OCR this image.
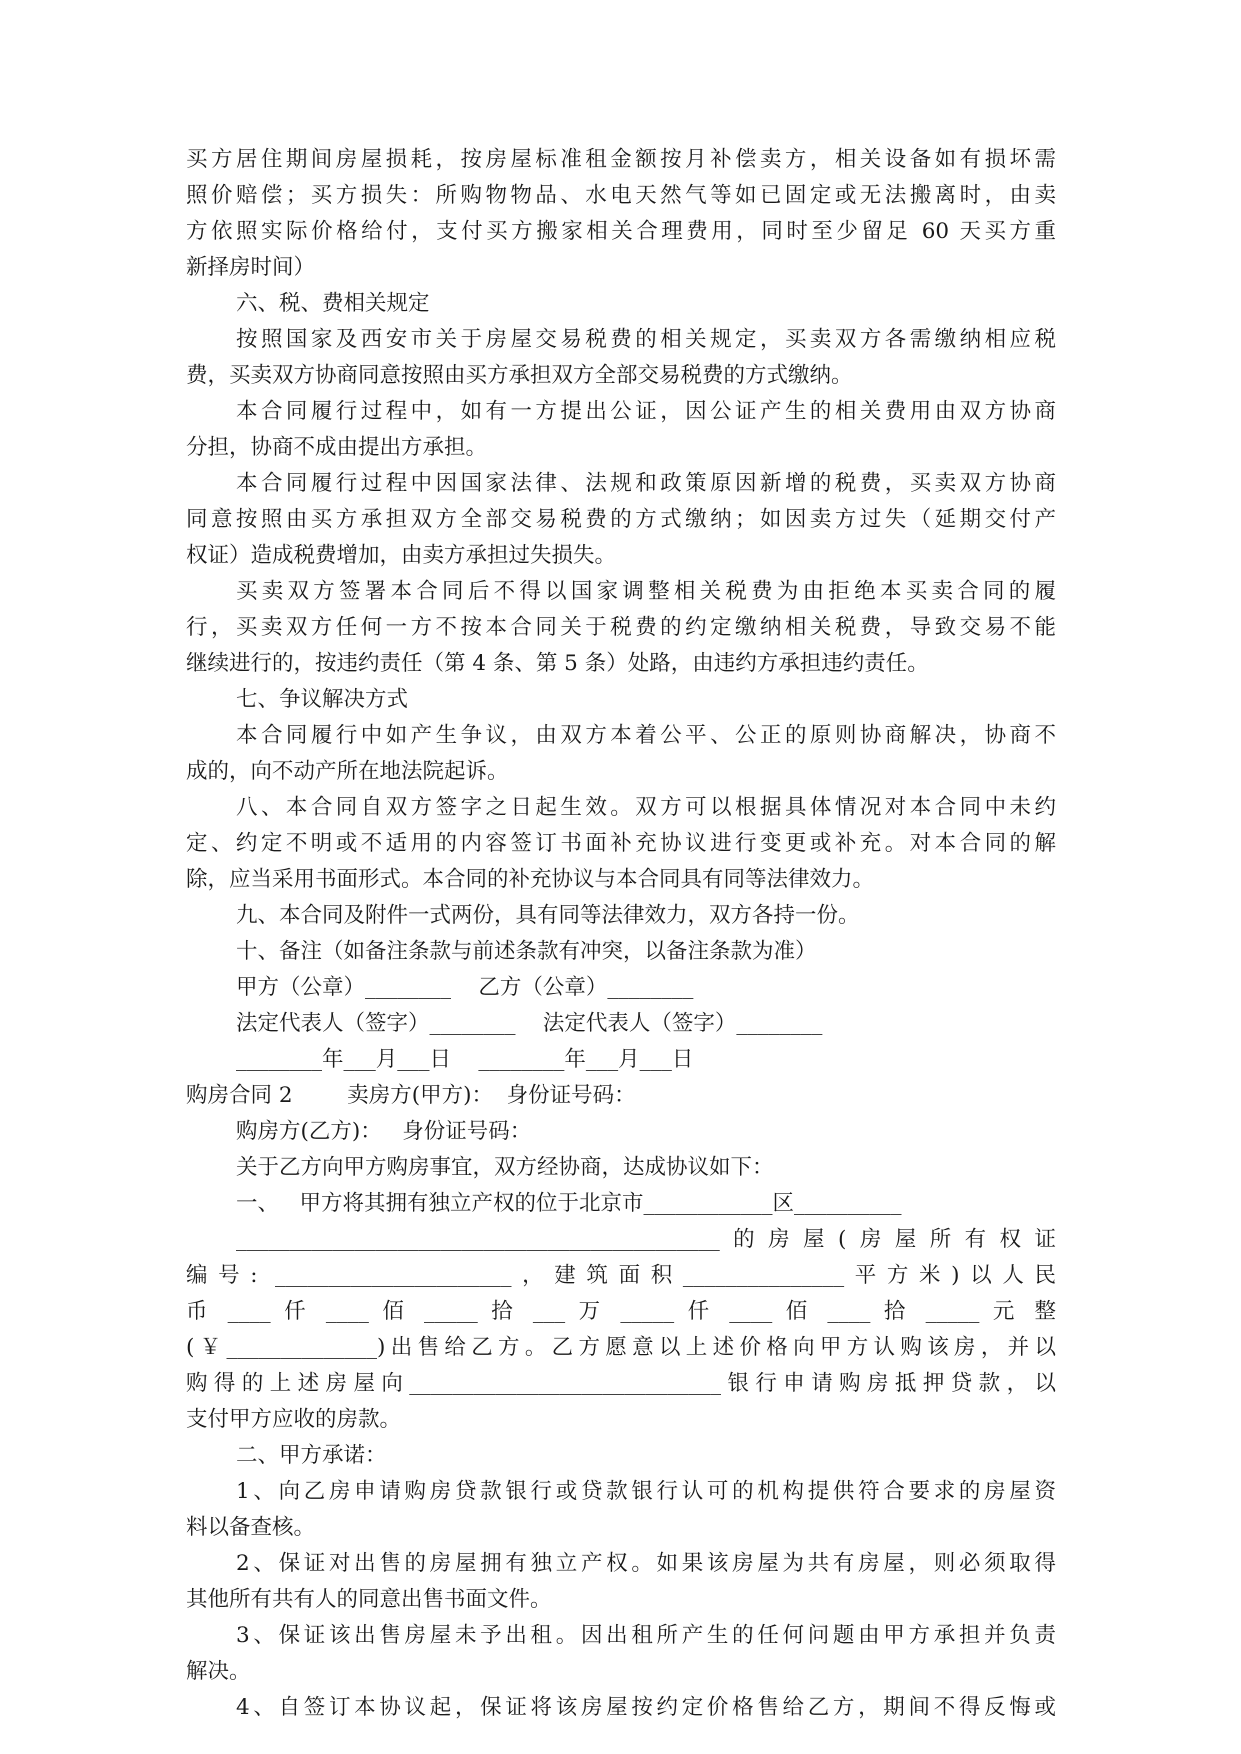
买方居住期间房屋损耗，按房屋标准租金额按月补偿卖方，相关设备如有损坏需
照价赔偿；买方损失：所购物物品、水电天然气等如已固定或无法搬离时，由卖
方依照实际价格给付，支付买方搬家相关合理费用，同时至少留足 60 天买方重
新择房时间）
六、税、费相关规定
按照国家及西安市关于房屋交易税费的相关规定，买卖双方各需缴纳相应税
费，买卖双方协商同意按照由买方承担双方全部交易税费的方式缴纳。
本合同履行过程中，如有一方提出公证，因公证产生的相关费用由双方协商
分担，协商不成由提出方承担。
本合同履行过程中因国家法律、法规和政策原因新增的税费，买卖双方协商
同意按照由买方承担双方全部交易税费的方式缴纳；如因卖方过失（延期交付产
权证）造成税费增加，由卖方承担过失损失。
买卖双方签署本合同后不得以国家调整相关税费为由拒绝本买卖合同的履
行，买卖双方任何一方不按本合同关于税费的约定缴纳相关税费，导致交易不能
继续进行的，按违约责任（第 4 条、第 5 条）处路，由违约方承担违约责任。
七、争议解决方式
本合同履行中如产生争议，由双方本着公平、公正的原则协商解决，协商不
成的，向不动产所在地法院起诉。
八、本合同自双方签字之日起生效。双方可以根据具体情况对本合同中未约
定、约定不明或不适用的内容签订书面补充协议进行变更或补充。对本合同的解
除，应当采用书面形式。本合同的补充协议与本合同具有同等法律效力。
九、本合同及附件一式两份，具有同等法律效力，双方各持一份。
十、备注（如备注条款与前述条款有冲突，以备注条款为准）
甲方（公章）________    乙方（公章）________
法定代表人（签字）________    法定代表人（签字）________
________年___月___日    ________年___月___日
购房合同 2        卖房方(甲方)：  身份证号码：
购房方(乙方)：   身份证号码：
关于乙方向甲方购房事宜，双方经协商，达成协议如下：
一、   甲方将其拥有独立产权的位于北京市____________区__________
_____________________________________________的房屋(房屋所有权证
编号: ______________________，建筑面积_______________平方米)以人民
币 ____ 仟 ____ 佰 _____ 拾 ___ 万 _____ 仟 ____ 佰 ____ 拾 _____ 元 整
(￥______________)出售给乙方。乙方愿意以上述价格向甲方认购该房，并以
购得的上述房屋向_____________________________银行申请购房抵押贷款，以
支付甲方应收的房款。
二、甲方承诺：
1、向乙房申请购房贷款银行或贷款银行认可的机构提供符合要求的房屋资
料以备查核。
2、保证对出售的房屋拥有独立产权。如果该房屋为共有房屋，则必须取得
其他所有共有人的同意出售书面文件。
3、保证该出售房屋未予出租。因出租所产生的任何问题由甲方承担并负责
解决。
4、自签订本协议起，保证将该房屋按约定价格售给乙方，期间不得反悔或
